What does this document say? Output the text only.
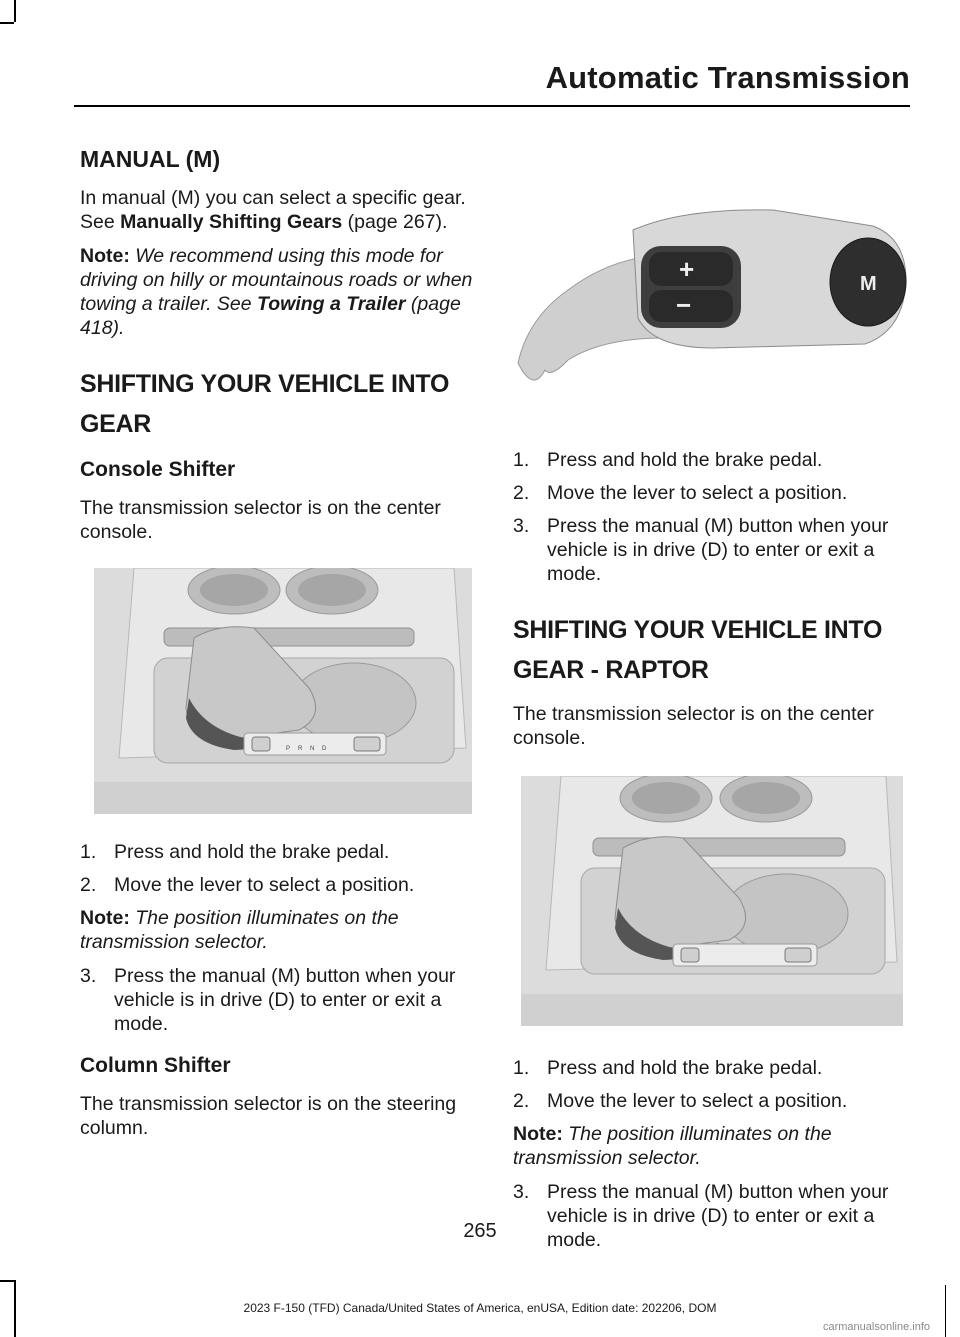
Automatic Transmission
MANUAL (M)

In manual (M) you can select a specific gear. See Manually Shifting Gears (page 267).

Note: We recommend using this mode for driving on hilly or mountainous roads or when towing a trailer. See Towing a Trailer (page 418).

SHIFTING YOUR VEHICLE INTO
GEAR
Console Shifter

The transmission selector is on the center console.

P R N D
1. Press and hold the brake pedal.
2. Move the lever to select a position.

Note: The position illuminates on the transmission selector.

3. Press the manual (M) button when your vehicle is in drive (D) to enter or exit a mode.
Column Shifter

The transmission selector is on the steering column.

+
−
M
1. Press and hold the brake pedal.
2. Move the lever to select a position.
3. Press the manual (M) button when your vehicle is in drive (D) to enter or exit a mode.
SHIFTING YOUR VEHICLE INTO
GEAR - RAPTOR

The transmission selector is on the center console.

1. Press and hold the brake pedal.
2. Move the lever to select a position.

Note: The position illuminates on the transmission selector.

3. Press the manual (M) button when your vehicle is in drive (D) to enter or exit a mode.
265
2023 F-150 (TFD) Canada/United States of America, enUSA, Edition date: 202206, DOM
carmanualsonline.info
